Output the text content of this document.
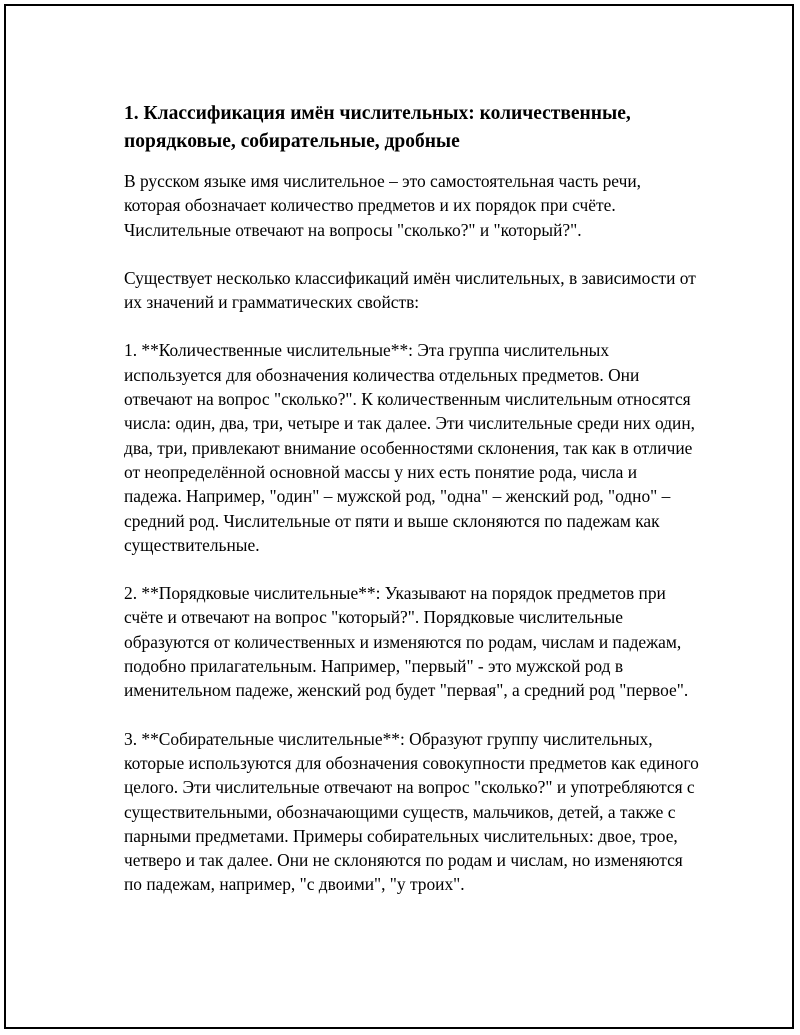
1. Классификация имён числительных: количественные, порядковые, собирательные, дробные

В русском языке имя числительное – это самостоятельная часть речи, которая обозначает количество предметов и их порядок при счёте. Числительные отвечают на вопросы "сколько?" и "который?".

Существует несколько классификаций имён числительных, в зависимости от их значений и грамматических свойств:

1. **Количественные числительные**: Эта группа числительных используется для обозначения количества отдельных предметов. Они отвечают на вопрос "сколько?". К количественным числительным относятся числа: один, два, три, четыре и так далее. Эти числительные среди них один, два, три, привлекают внимание особенностями склонения, так как в отличие от неопределённой основной массы у них есть понятие рода, числа и падежа. Например, "один" – мужской род, "одна" – женский род, "одно" – средний род. Числительные от пяти и выше склоняются по падежам как существительные.

2. **Порядковые числительные**: Указывают на порядок предметов при счёте и отвечают на вопрос "который?". Порядковые числительные образуются от количественных и изменяются по родам, числам и падежам, подобно прилагательным. Например, "первый" - это мужской род в именительном падеже, женский род будет "первая", а средний род "первое".

3. **Собирательные числительные**: Образуют группу числительных, которые используются для обозначения совокупности предметов как единого целого. Эти числительные отвечают на вопрос "сколько?" и употребляются с существительными, обозначающими существ, мальчиков, детей, а также с парными предметами. Примеры собирательных числительных: двое, трое, четверо и так далее. Они не склоняются по родам и числам, но изменяются по падежам, например, "с двоими", "у троих".
